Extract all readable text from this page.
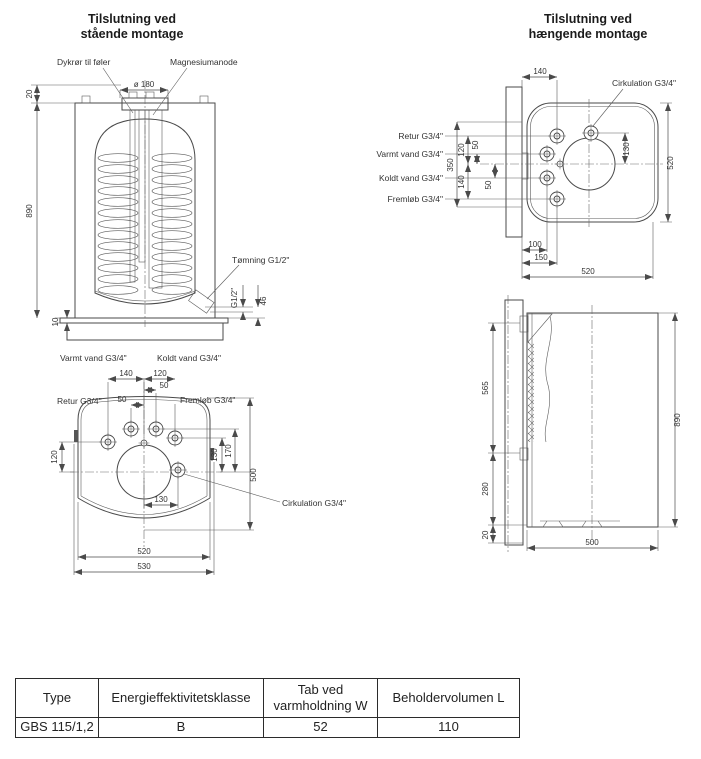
Tilslutning ved
stående montage
Tilslutning ved
hængende montage
Dykrør til føler	Magnesiumanode
ø 180
20
890
10
Tømning G1/2"
G1/2"	46
Varmt vand G3/4"	Koldt vand G3/4"
Retur G3/4"	Fremløb G3/4"
Cirkulation G3/4"
140	120
50
50
120	130 170
500
130
520
530
Retur G3/4"
Varmt vand G3/4"
Koldt vand G3/4"
Fremløb G3/4"
Cirkulation G3/4"
140
350
120 50
140 50
130
520
100
150
520
565
280
20
890
500
Type	Energieffektivitetsklasse	Tab ved varmholdning W	Beholdervolumen L
GBS 115/1,2	B	52	110
